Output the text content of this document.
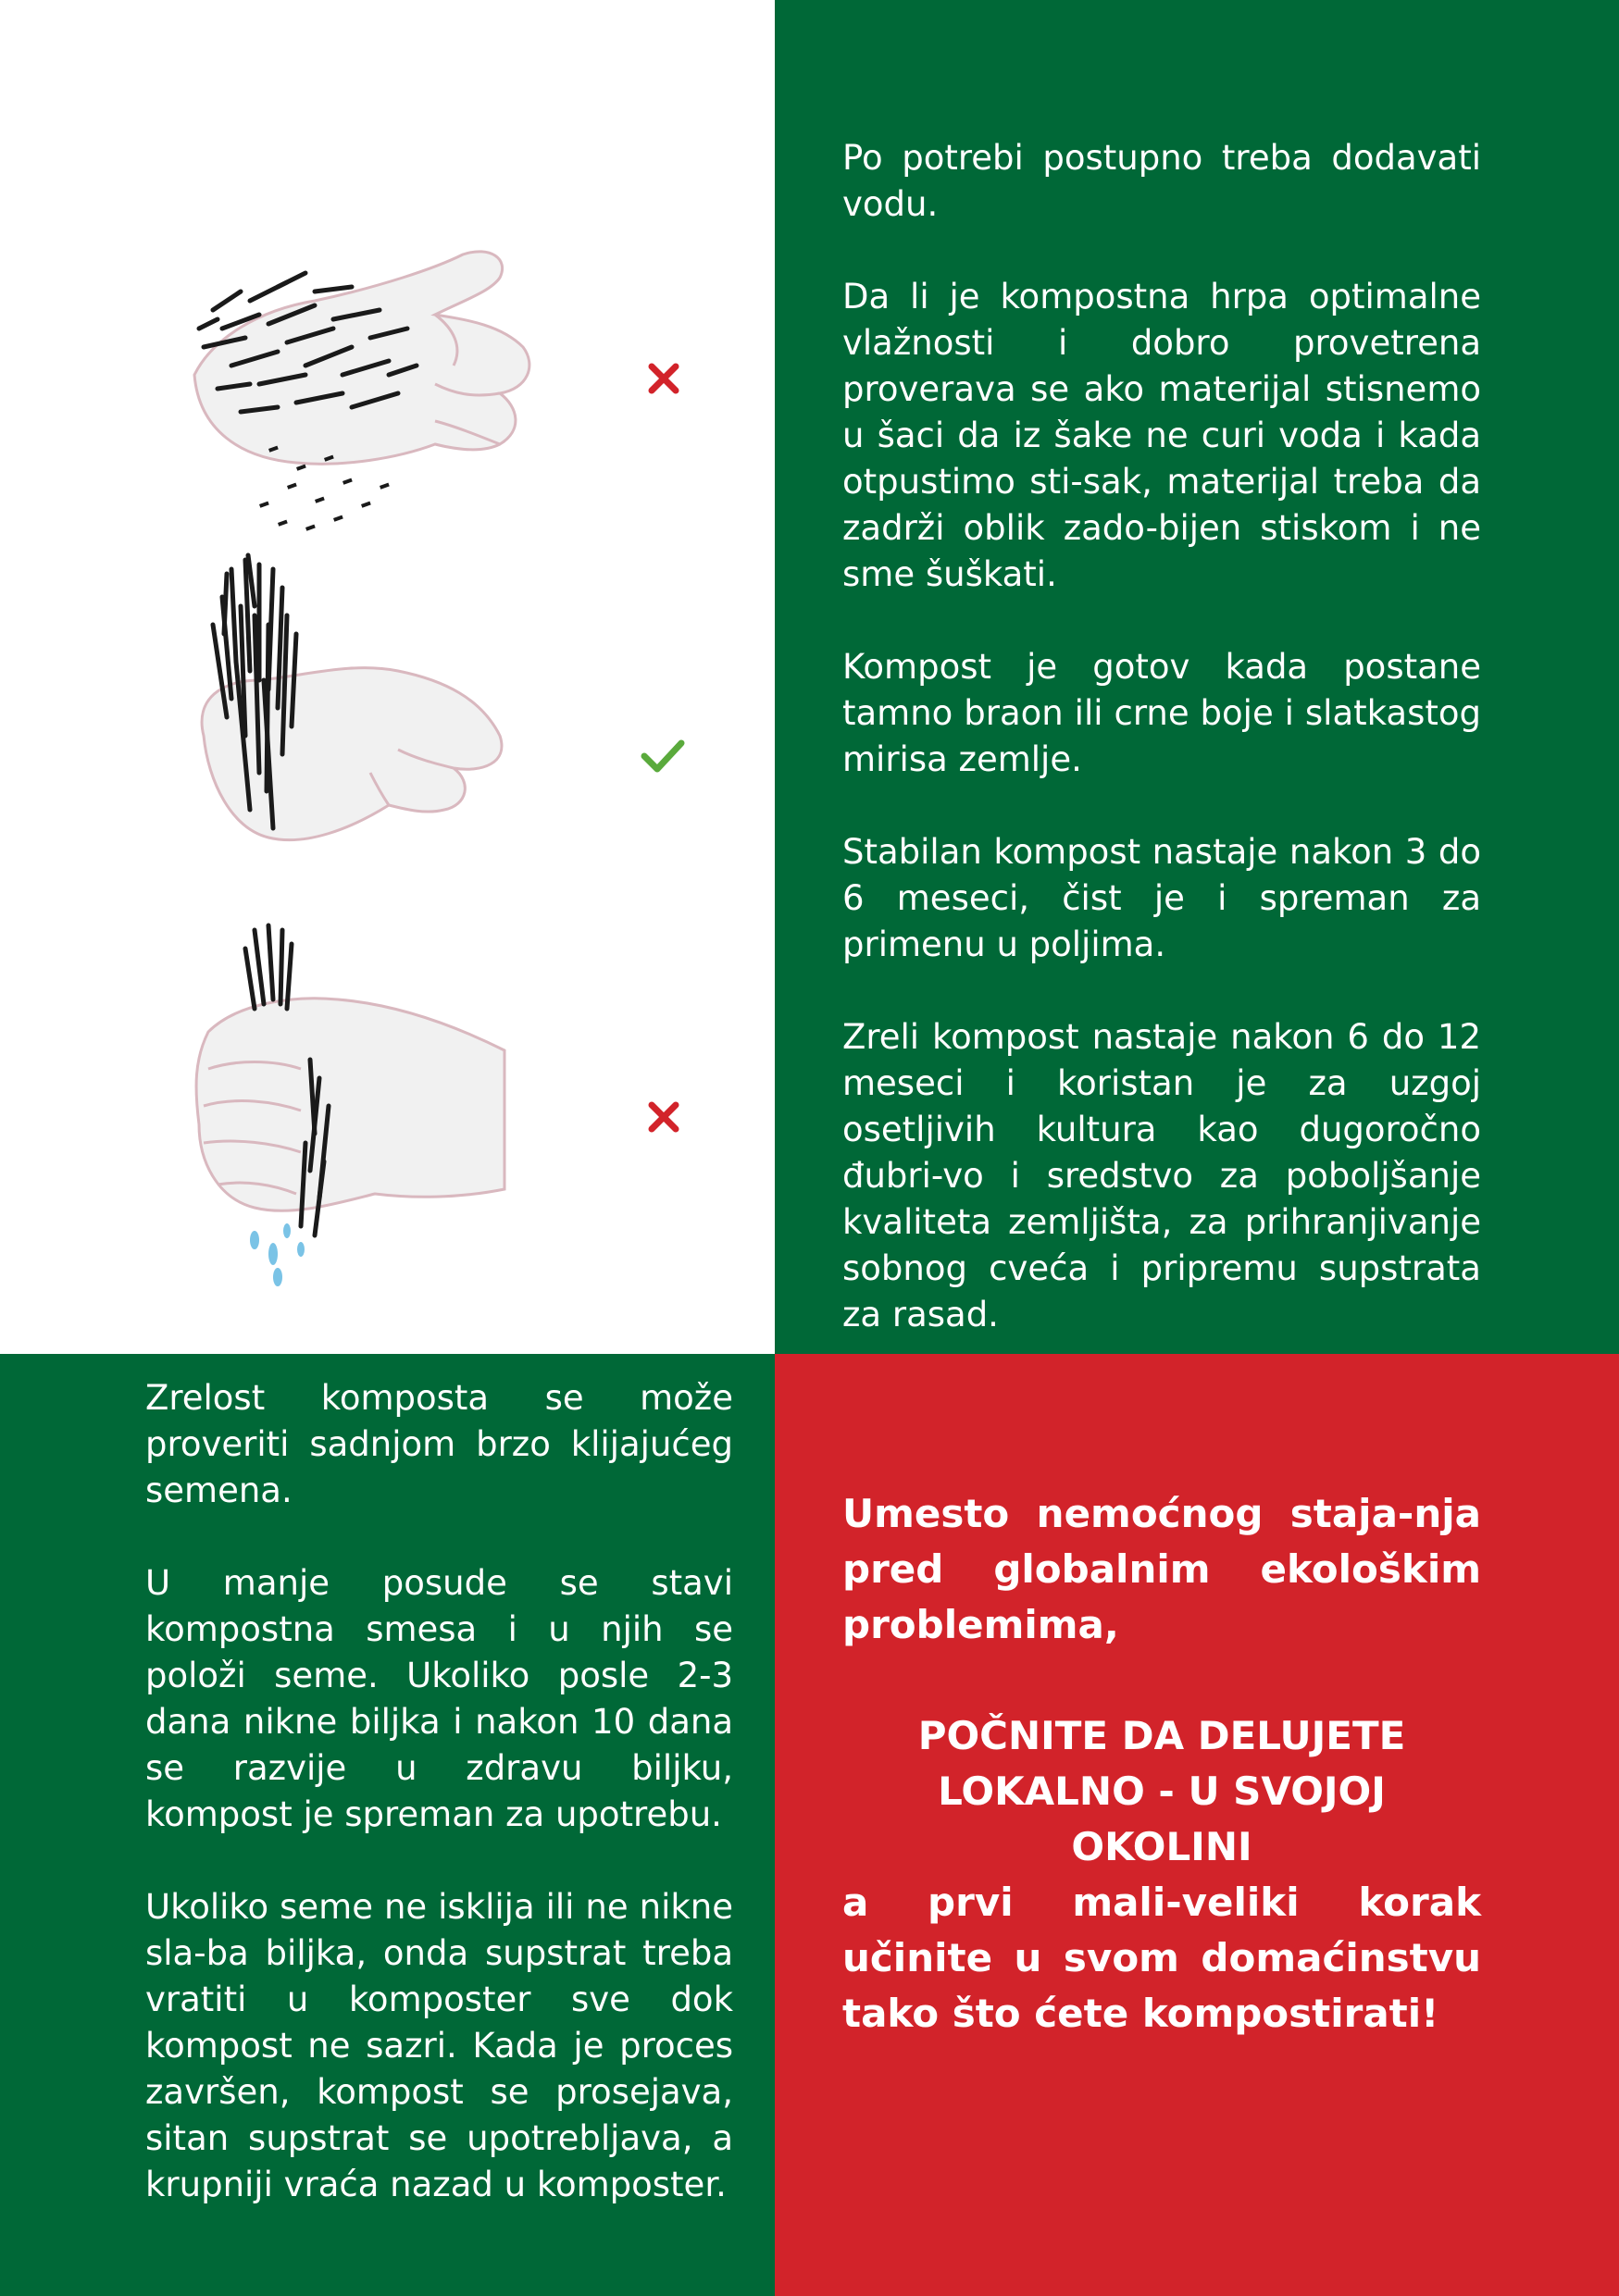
Po potrebi postupno treba dodavati vodu.

Da li je kompostna hrpa optimalne vlažnosti i dobro provetrena proverava se ako materijal stisnemo u šaci da iz šake ne curi voda i kada otpustimo sti-sak, materijal treba da zadrži oblik zado-bijen stiskom i ne sme šuškati.

Kompost je gotov kada postane tamno braon ili crne boje i slatkastog mirisa zemlje.

Stabilan kompost nastaje nakon 3 do 6 meseci, čist je i spreman za primenu u poljima.

Zreli kompost nastaje nakon 6 do 12 meseci i koristan je za uzgoj osetljivih kultura kao dugoročno đubri-vo i sredstvo za poboljšanje kvaliteta zemljišta, za prihranjivanje sobnog cveća i pripremu supstrata za rasad.

Zrelost komposta se može proveriti sadnjom brzo klijajućeg semena.

U manje posude se stavi kompostna smesa i u njih se položi seme. Ukoliko posle 2-3 dana nikne biljka i nakon 10 dana se razvije u zdravu biljku, kompost je spreman za upotrebu.

Ukoliko seme ne isklija ili ne nikne sla-ba biljka, onda supstrat treba vratiti u komposter sve dok kompost ne sazri. Kada je proces završen, kompost se prosejava, sitan supstrat se upotrebljava, a krupniji vraća nazad u komposter.

Umesto nemoćnog staja-nja pred globalnim ekološkim problemima,

POČNITE DA DELUJETE LOKALNO - U SVOJOJ OKOLINI

a prvi mali-veliki korak učinite u svom domaćinstvu tako što ćete kompostirati!
